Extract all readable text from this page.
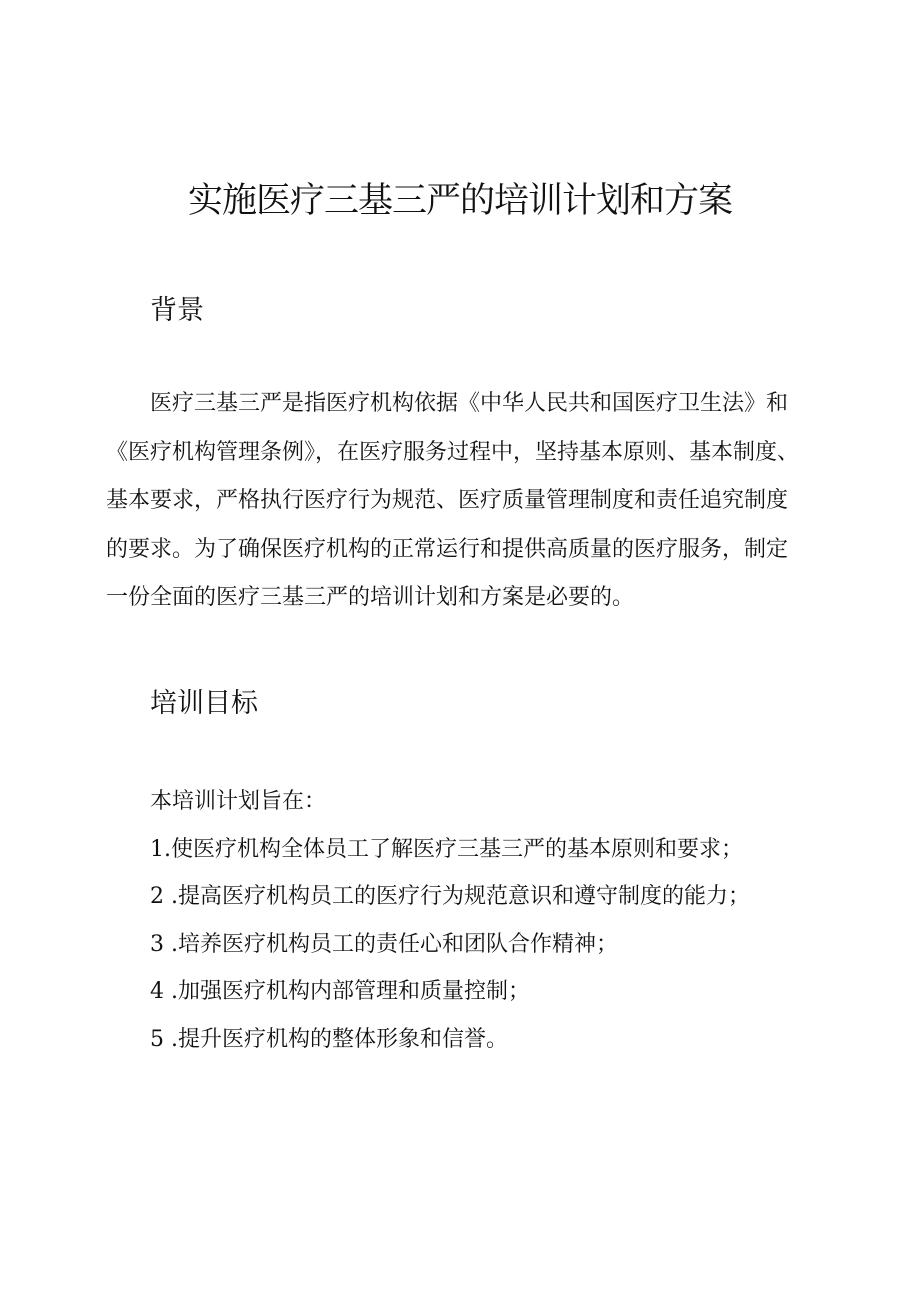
实施医疗三基三严的培训计划和方案
背景

医疗三基三严是指医疗机构依据《中华人民共和国医疗卫生法》和
《医疗机构管理条例》，在医疗服务过程中，坚持基本原则、基本制度、
基本要求，严格执行医疗行为规范、医疗质量管理制度和责任追究制度
的要求。为了确保医疗机构的正常运行和提供高质量的医疗服务，制定
一份全面的医疗三基三严的培训计划和方案是必要的。

培训目标
本培训计划旨在：
1.使医疗机构全体员工了解医疗三基三严的基本原则和要求；
2 .提高医疗机构员工的医疗行为规范意识和遵守制度的能力；
3 .培养医疗机构员工的责任心和团队合作精神；
4 .加强医疗机构内部管理和质量控制；
5 .提升医疗机构的整体形象和信誉。
